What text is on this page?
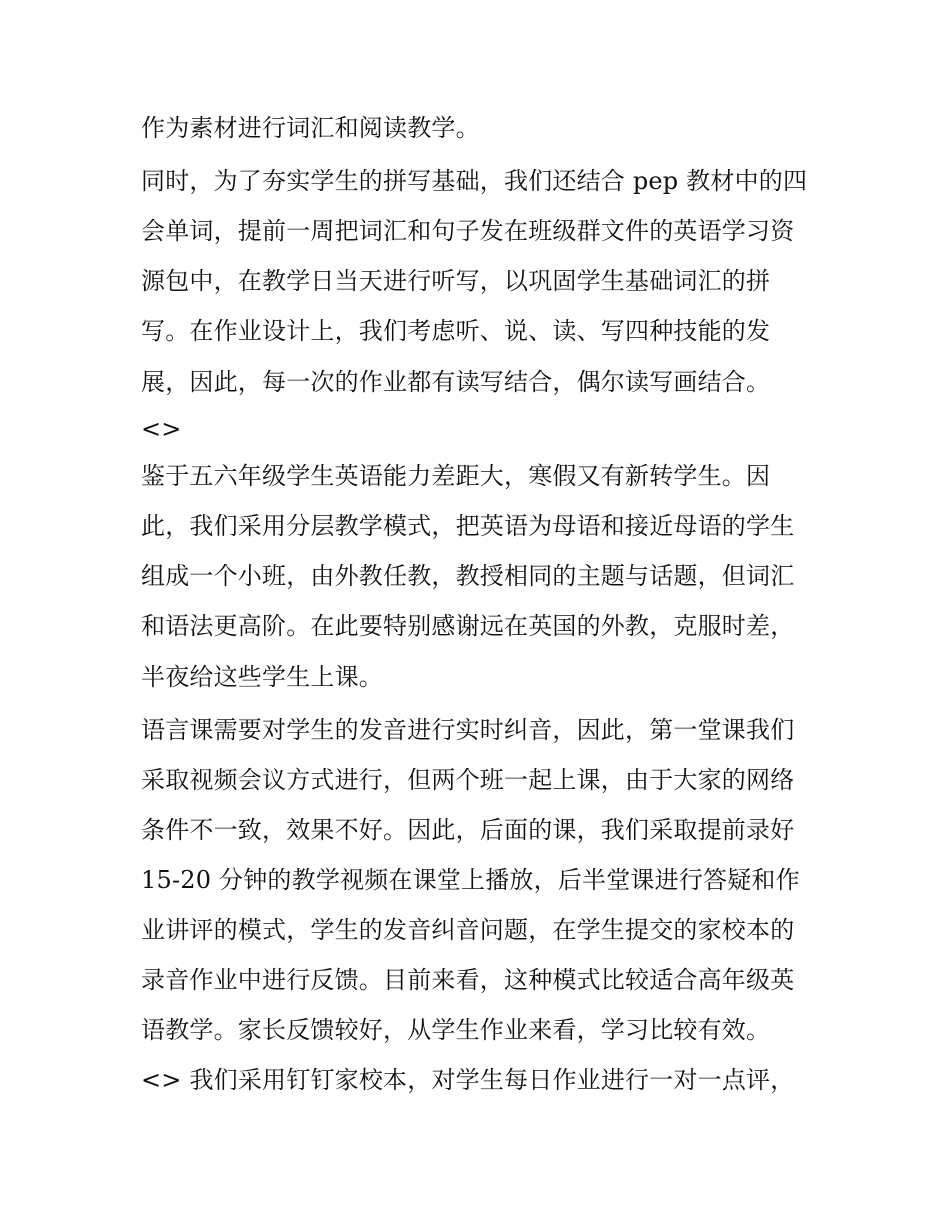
作为素材进行词汇和阅读教学。
同时，为了夯实学生的拼写基础，我们还结合 pep 教材中的四
会单词，提前一周把词汇和句子发在班级群文件的英语学习资
源包中，在教学日当天进行听写，以巩固学生基础词汇的拼
写。在作业设计上，我们考虑听、说、读、写四种技能的发
展，因此，每一次的作业都有读写结合，偶尔读写画结合。
<>
鉴于五六年级学生英语能力差距大，寒假又有新转学生。因
此，我们采用分层教学模式，把英语为母语和接近母语的学生
组成一个小班，由外教任教，教授相同的主题与话题，但词汇
和语法更高阶。在此要特别感谢远在英国的外教，克服时差，
半夜给这些学生上课。
语言课需要对学生的发音进行实时纠音，因此，第一堂课我们
采取视频会议方式进行，但两个班一起上课，由于大家的网络
条件不一致，效果不好。因此，后面的课，我们采取提前录好
15-20 分钟的教学视频在课堂上播放，后半堂课进行答疑和作
业讲评的模式，学生的发音纠音问题，在学生提交的家校本的
录音作业中进行反馈。目前来看，这种模式比较适合高年级英
语教学。家长反馈较好，从学生作业来看，学习比较有效。
<> 我们采用钉钉家校本，对学生每日作业进行一对一点评，
